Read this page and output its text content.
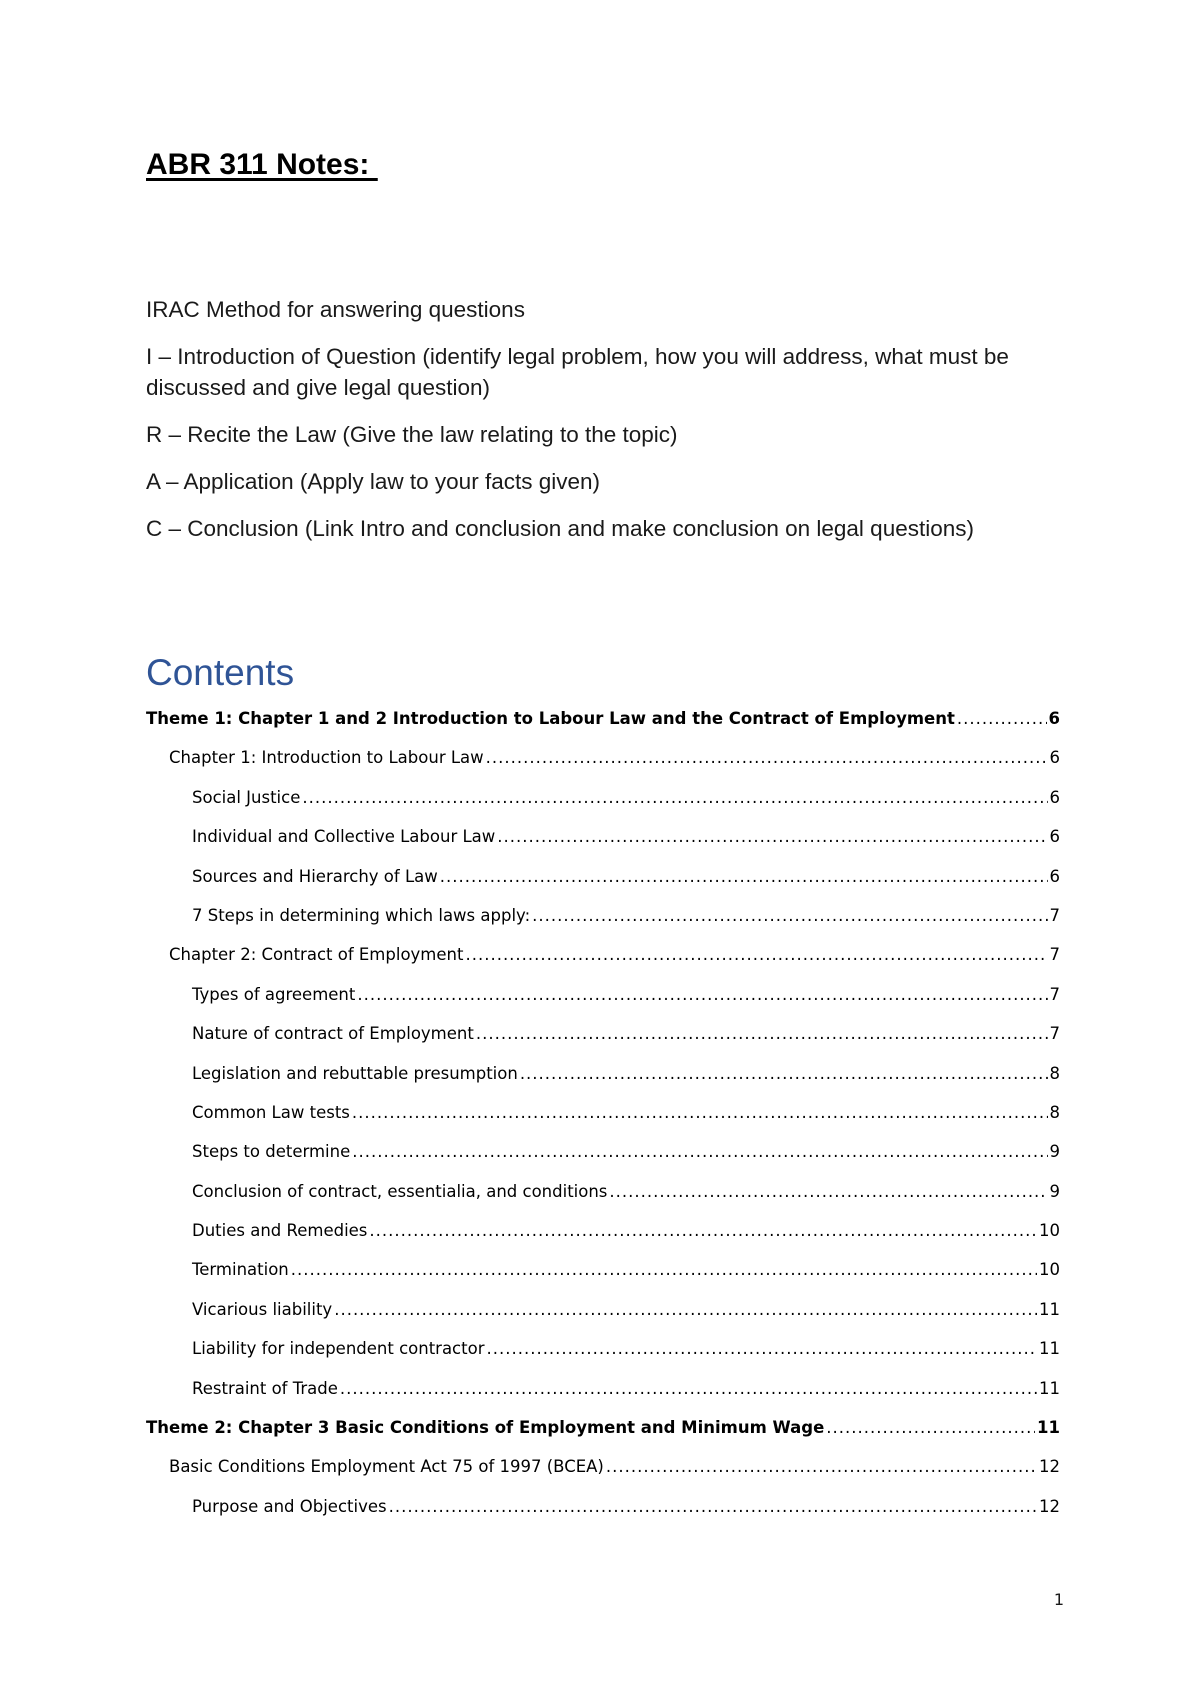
ABR 311 Notes:

IRAC Method for answering questions

I – Introduction of Question (identify legal problem, how you will address, what must be discussed and give legal question)

R – Recite the Law (Give the law relating to the topic)

A – Application (Apply law to your facts given)

C – Conclusion (Link Intro and conclusion and make conclusion on legal questions)

Contents
Theme 1: Chapter 1 and 2 Introduction to Labour Law and the Contract of Employment .....	6
Chapter 1: Introduction to Labour Law .....	6
Social Justice .....	6
Individual and Collective Labour Law .....	6
Sources and Hierarchy of Law .....	6
7 Steps in determining which laws apply: .....	7
Chapter 2: Contract of Employment .....	7
Types of agreement .....	7
Nature of contract of Employment .....	7
Legislation and rebuttable presumption .....	8
Common Law tests .....	8
Steps to determine .....	9
Conclusion of contract, essentialia, and conditions .....	9
Duties and Remedies .....	10
Termination .....	10
Vicarious liability .....	11
Liability for independent contractor .....	11
Restraint of Trade .....	11
Theme 2: Chapter 3 Basic Conditions of Employment and Minimum Wage .....	11
Basic Conditions Employment Act 75 of 1997 (BCEA) .....	12
Purpose and Objectives .....	12
1
